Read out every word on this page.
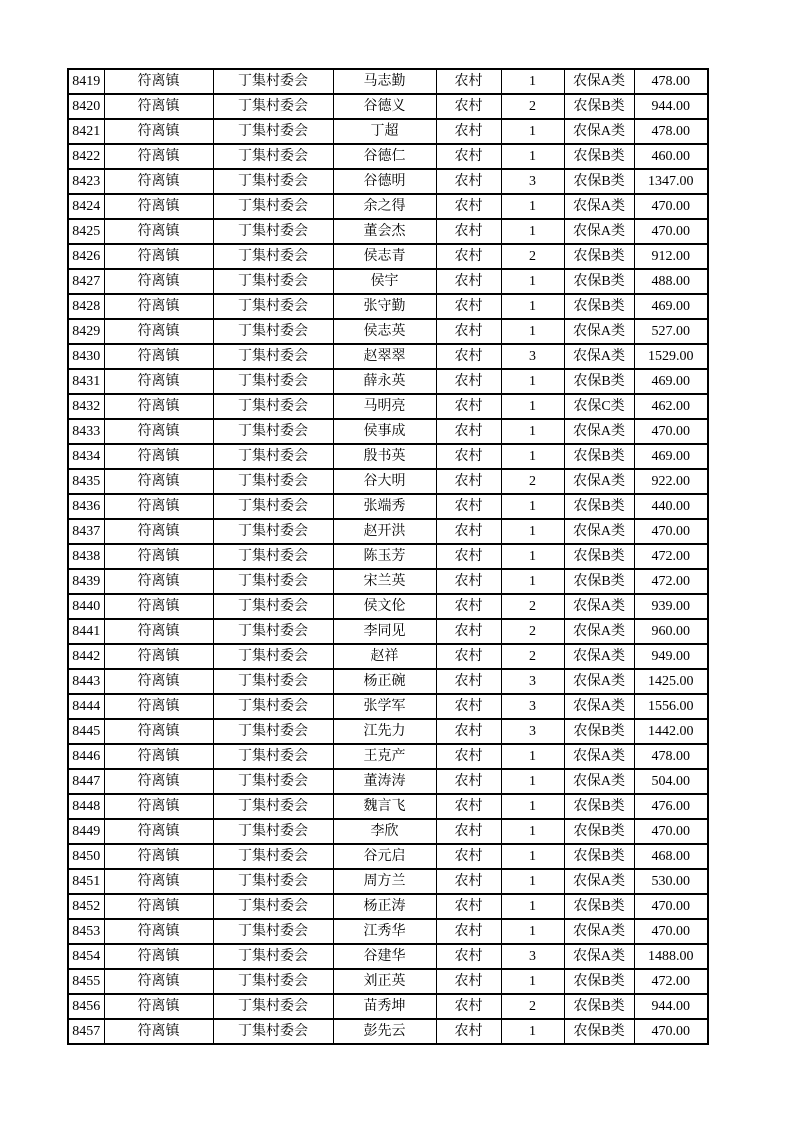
8419	符离镇	丁集村委会	马志勤	农村	1	农保A类	478.00
8420	符离镇	丁集村委会	谷德义	农村	2	农保B类	944.00
8421	符离镇	丁集村委会	丁超	农村	1	农保A类	478.00
8422	符离镇	丁集村委会	谷德仁	农村	1	农保B类	460.00
8423	符离镇	丁集村委会	谷德明	农村	3	农保B类	1347.00
8424	符离镇	丁集村委会	余之得	农村	1	农保A类	470.00
8425	符离镇	丁集村委会	董会杰	农村	1	农保A类	470.00
8426	符离镇	丁集村委会	侯志青	农村	2	农保B类	912.00
8427	符离镇	丁集村委会	侯宇	农村	1	农保B类	488.00
8428	符离镇	丁集村委会	张守勤	农村	1	农保B类	469.00
8429	符离镇	丁集村委会	侯志英	农村	1	农保A类	527.00
8430	符离镇	丁集村委会	赵翠翠	农村	3	农保A类	1529.00
8431	符离镇	丁集村委会	薛永英	农村	1	农保B类	469.00
8432	符离镇	丁集村委会	马明亮	农村	1	农保C类	462.00
8433	符离镇	丁集村委会	侯事成	农村	1	农保A类	470.00
8434	符离镇	丁集村委会	殷书英	农村	1	农保B类	469.00
8435	符离镇	丁集村委会	谷大明	农村	2	农保A类	922.00
8436	符离镇	丁集村委会	张端秀	农村	1	农保B类	440.00
8437	符离镇	丁集村委会	赵开洪	农村	1	农保A类	470.00
8438	符离镇	丁集村委会	陈玉芳	农村	1	农保B类	472.00
8439	符离镇	丁集村委会	宋兰英	农村	1	农保B类	472.00
8440	符离镇	丁集村委会	侯文伦	农村	2	农保A类	939.00
8441	符离镇	丁集村委会	李同见	农村	2	农保A类	960.00
8442	符离镇	丁集村委会	赵祥	农村	2	农保A类	949.00
8443	符离镇	丁集村委会	杨正碗	农村	3	农保A类	1425.00
8444	符离镇	丁集村委会	张学军	农村	3	农保A类	1556.00
8445	符离镇	丁集村委会	江先力	农村	3	农保B类	1442.00
8446	符离镇	丁集村委会	王克产	农村	1	农保A类	478.00
8447	符离镇	丁集村委会	董涛涛	农村	1	农保A类	504.00
8448	符离镇	丁集村委会	魏言飞	农村	1	农保B类	476.00
8449	符离镇	丁集村委会	李欣	农村	1	农保B类	470.00
8450	符离镇	丁集村委会	谷元启	农村	1	农保B类	468.00
8451	符离镇	丁集村委会	周方兰	农村	1	农保A类	530.00
8452	符离镇	丁集村委会	杨正涛	农村	1	农保B类	470.00
8453	符离镇	丁集村委会	江秀华	农村	1	农保A类	470.00
8454	符离镇	丁集村委会	谷建华	农村	3	农保A类	1488.00
8455	符离镇	丁集村委会	刘正英	农村	1	农保B类	472.00
8456	符离镇	丁集村委会	苗秀坤	农村	2	农保B类	944.00
8457	符离镇	丁集村委会	彭先云	农村	1	农保B类	470.00
